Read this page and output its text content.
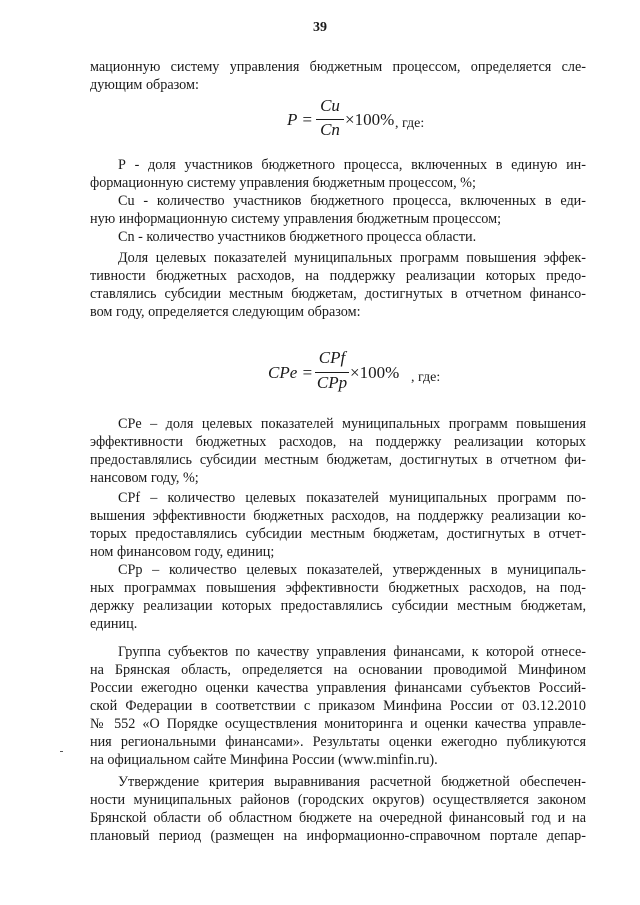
39
мационную систему управления бюджетным процессом, определяется сле-
дующим образом:
P =
Cu
Cn
×100% , где:
Р - доля участников бюджетного процесса, включенных в единую ин-
формационную систему управления бюджетным процессом, %;
Cu - количество участников бюджетного процесса, включенных в еди-
ную информационную систему управления бюджетным процессом;
Cn - количество участников бюджетного процесса области.
Доля целевых показателей муниципальных программ повышения эффек-
тивности бюджетных расходов, на поддержку реализации которых предо-
ставлялись субсидии местным бюджетам, достигнутых в отчетном финансо-
вом году, определяется следующим образом:
CPe =
CPf
CPp
×100% , где:
CPe – доля целевых показателей муниципальных программ повышения
эффективности бюджетных расходов, на поддержку реализации которых
предоставлялись субсидии местным бюджетам, достигнутых в отчетном фи-
нансовом году, %;
CPf – количество целевых показателей муниципальных программ по-
вышения эффективности бюджетных расходов, на поддержку реализации ко-
торых предоставлялись субсидии местным бюджетам, достигнутых в отчет-
ном финансовом году, единиц;
CPp – количество целевых показателей, утвержденных в муниципаль-
ных программах повышения эффективности бюджетных расходов, на под-
держку реализации которых предоставлялись субсидии местным бюджетам,
единиц.
Группа субъектов по качеству управления финансами, к которой отнесе-
на Брянская область, определяется на основании проводимой Минфином
России ежегодно оценки качества управления финансами субъектов Россий-
ской Федерации в соответствии с приказом Минфина России от 03.12.2010
№ 552 «О Порядке осуществления мониторинга и оценки качества управле-
ния региональными финансами». Результаты оценки ежегодно публикуются
на официальном сайте Минфина России (www.minfin.ru).
Утверждение критерия выравнивания расчетной бюджетной обеспечен-
ности муниципальных районов (городских округов) осуществляется законом
Брянской области об областном бюджете на очередной финансовый год и на
плановый период (размещен на информационно-справочном портале депар-
